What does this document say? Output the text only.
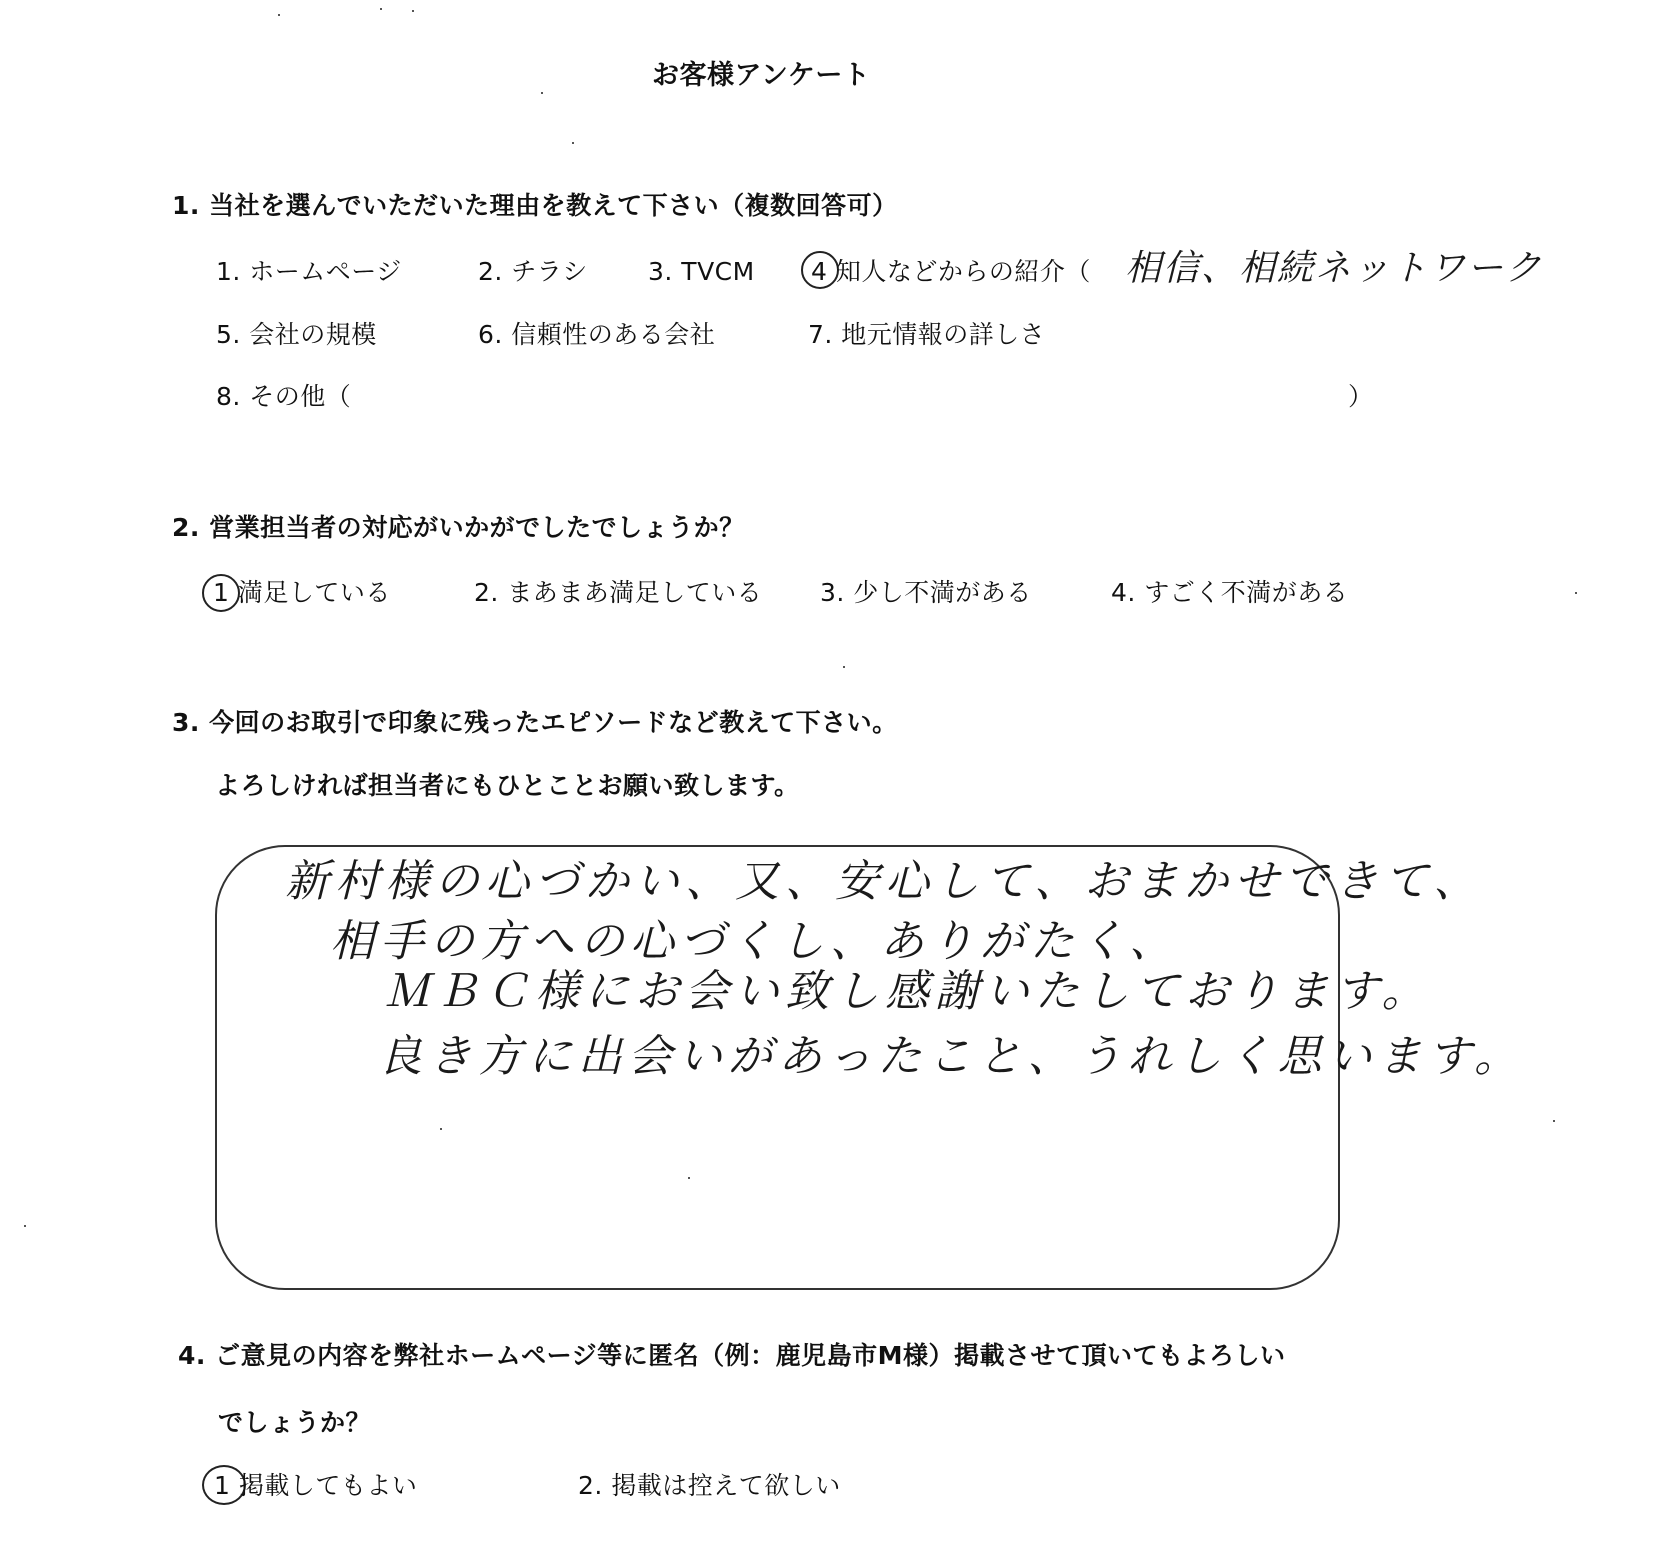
お客様アンケート
1. 当社を選んでいただいた理由を教えて下さい（複数回答可）
1. ホームページ	2. チラシ 3. TVCM 4 知人などからの紹介（ 相信、相続ネットワーク
5. 会社の規模	6. 信頼性のある会社	7. 地元情報の詳しさ
8. その他（	）
2. 営業担当者の対応がいかがでしたでしょうか？
1 満足している	2. まあまあ満足している 3. 少し不満がある	4. すごく不満がある
3. 今回のお取引で印象に残ったエピソードなど教えて下さい。
よろしければ担当者にもひとことお願い致します。
新村様の心づかい、又、安心して、おまかせできて、
相手の方への心づくし、ありがたく、
ＭＢＣ様にお会い致し感謝いたしております。
良き方に出会いがあったこと、うれしく思います。
4. ご意見の内容を弊社ホームページ等に匿名（例：鹿児島市M様）掲載させて頂いてもよろしい
でしょうか？
1 掲載してもよい	2. 掲載は控えて欲しい
